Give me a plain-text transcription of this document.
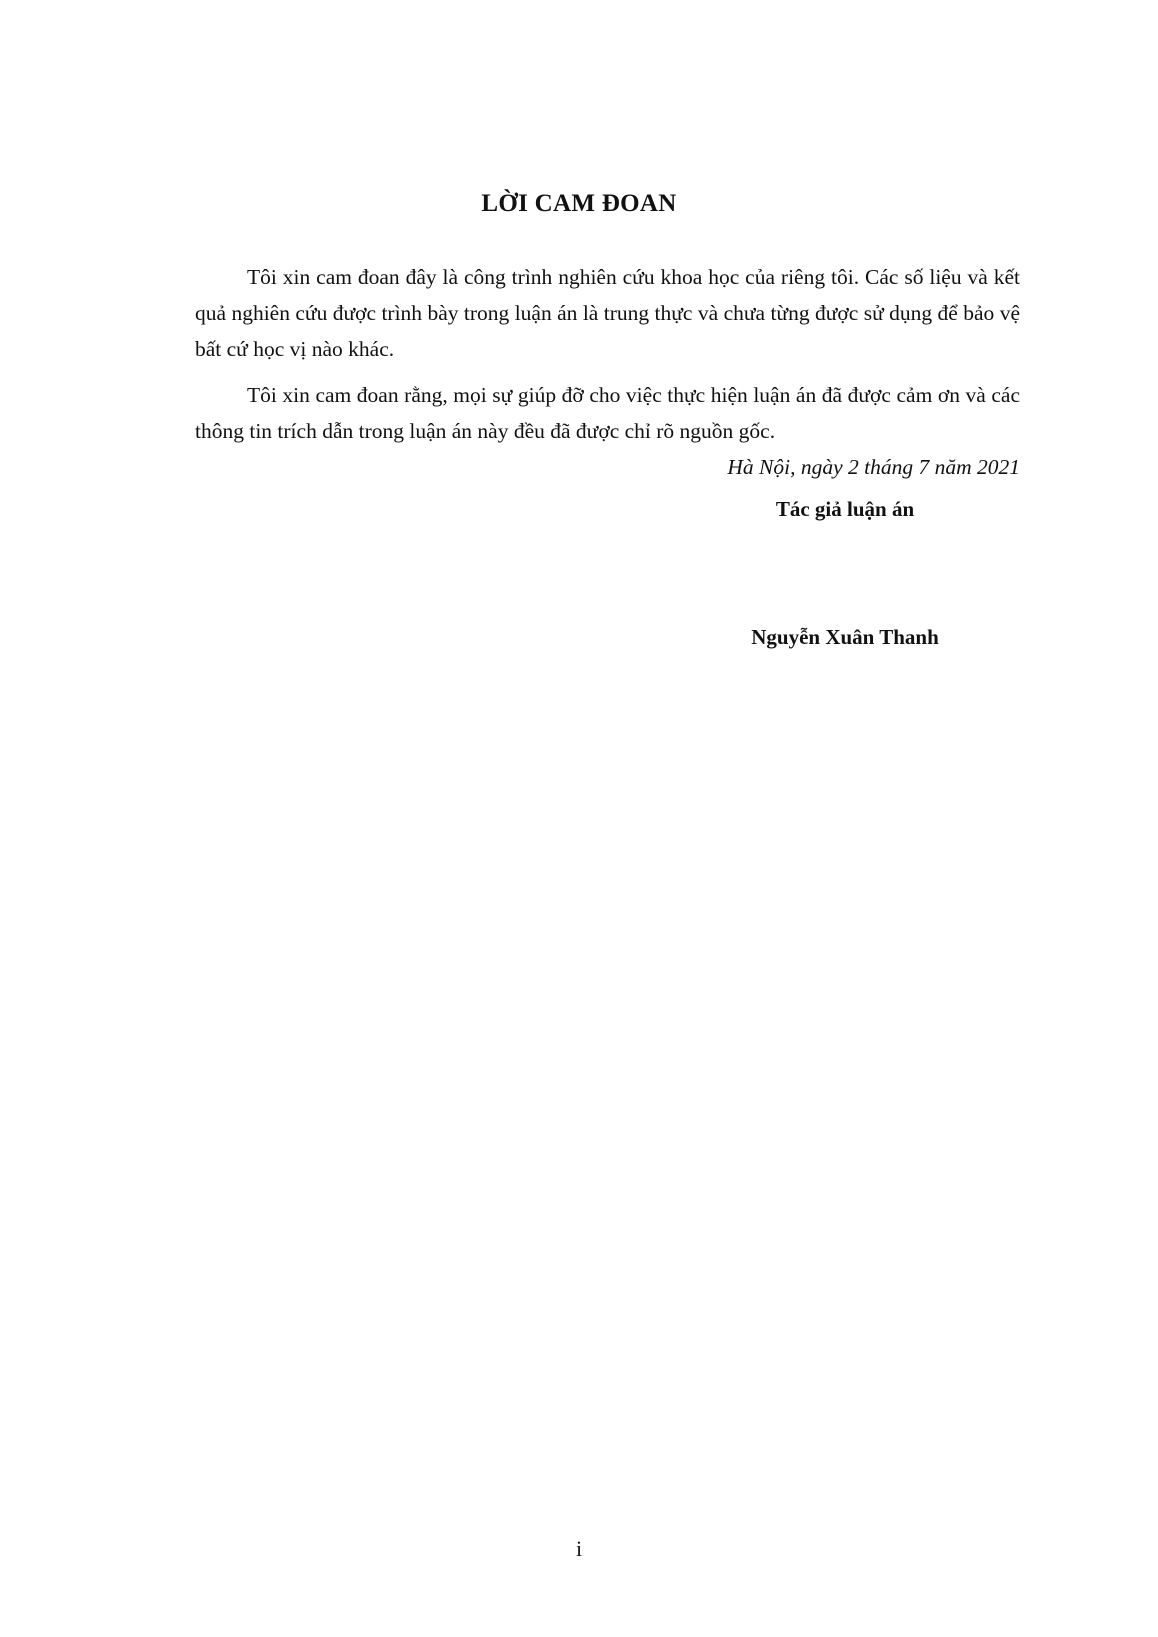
LỜI CAM ĐOAN

Tôi xin cam đoan đây là công trình nghiên cứu khoa học của riêng tôi. Các số liệu và kết quả nghiên cứu được trình bày trong luận án là trung thực và chưa từng được sử dụng để bảo vệ bất cứ học vị nào khác.

Tôi xin cam đoan rằng, mọi sự giúp đỡ cho việc thực hiện luận án đã được cảm ơn và các thông tin trích dẫn trong luận án này đều đã được chỉ rõ nguồn gốc.

Hà Nội, ngày 2 tháng 7 năm 2021
Tác giả luận án
Nguyễn Xuân Thanh
i
